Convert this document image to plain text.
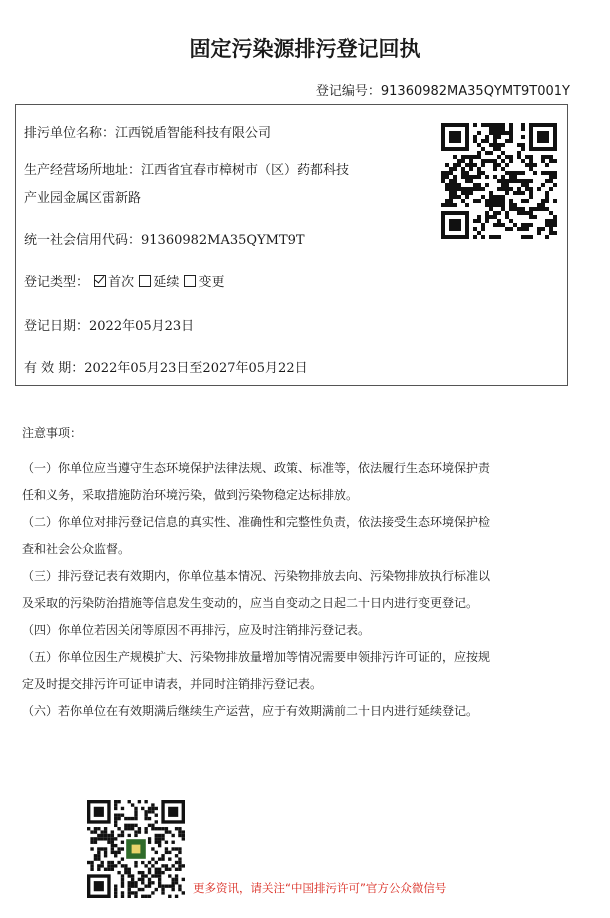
固定污染源排污登记回执
登记编号：91360982MA35QYMT9T001Y
排污单位名称：江西锐盾智能科技有限公司
生产经营场所地址：江西省宜春市樟树市（区）药都科技
产业园金属区雷新路
统一社会信用代码：91360982MA35QYMT9T
登记类型： 首次 延续 变更
登记日期：2022年05月23日
有 效 期：2022年05月23日至2027年05月22日
注意事项：
（一）你单位应当遵守生态环境保护法律法规、政策、标准等，依法履行生态环境保护责
任和义务，采取措施防治环境污染，做到污染物稳定达标排放。
（二）你单位对排污登记信息的真实性、准确性和完整性负责，依法接受生态环境保护检
查和社会公众监督。
（三）排污登记表有效期内，你单位基本情况、污染物排放去向、污染物排放执行标准以
及采取的污染防治措施等信息发生变动的，应当自变动之日起二十日内进行变更登记。
（四）你单位若因关闭等原因不再排污，应及时注销排污登记表。
（五）你单位因生产规模扩大、污染物排放量增加等情况需要申领排污许可证的，应按规
定及时提交排污许可证申请表，并同时注销排污登记表。
（六）若你单位在有效期满后继续生产运营，应于有效期满前二十日内进行延续登记。
更多资讯，请关注“中国排污许可”官方公众微信号
